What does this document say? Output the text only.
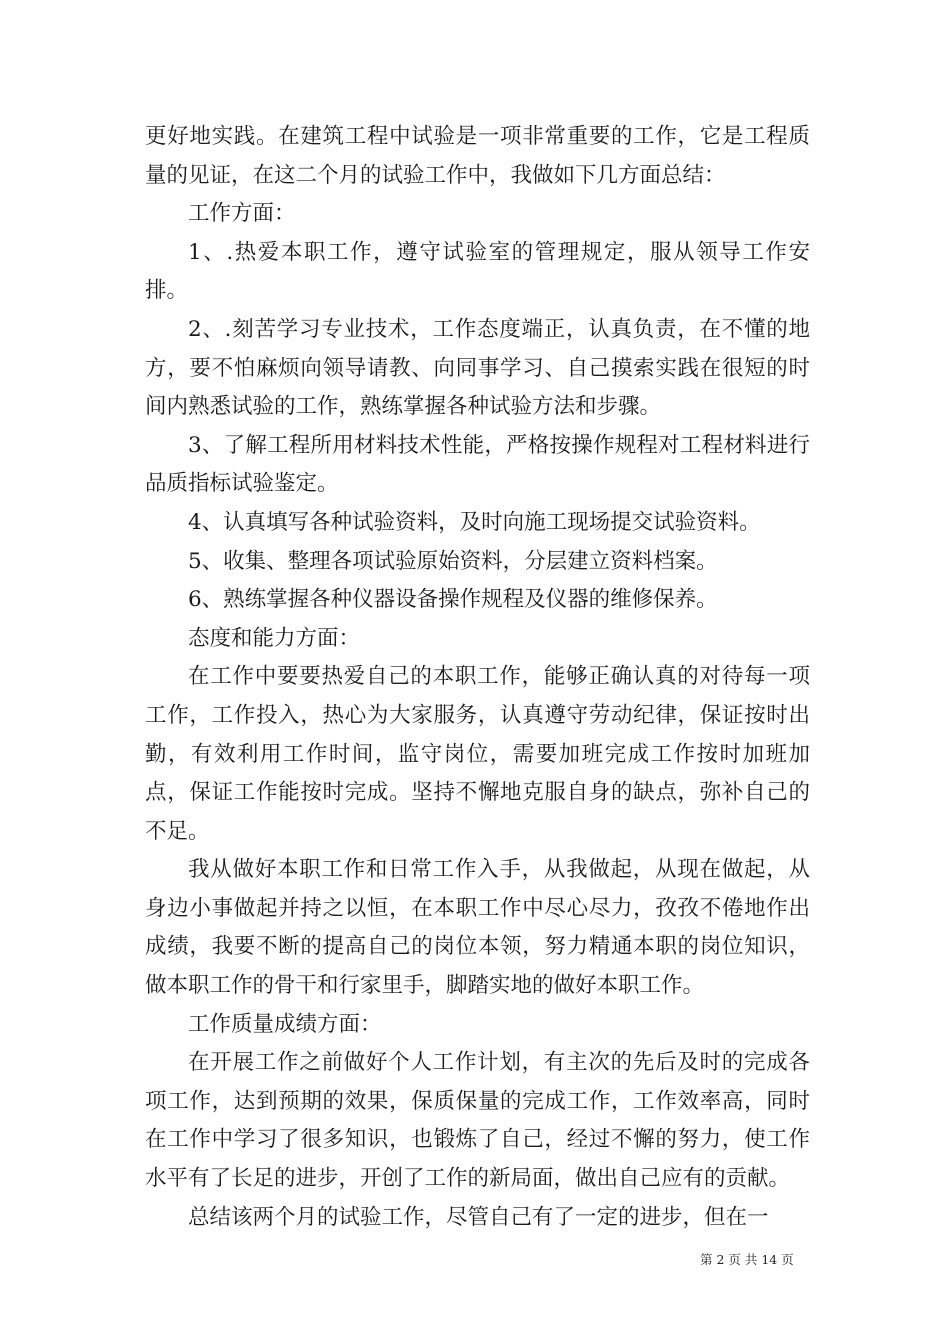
更好地实践。在建筑工程中试验是一项非常重要的工作，它是工程质量的见证，在这二个月的试验工作中，我做如下几方面总结：

工作方面：

1、.热爱本职工作，遵守试验室的管理规定，服从领导工作安排。

2、.刻苦学习专业技术，工作态度端正，认真负责，在不懂的地方，要不怕麻烦向领导请教、向同事学习、自己摸索实践在很短的时间内熟悉试验的工作，熟练掌握各种试验方法和步骤。

3、了解工程所用材料技术性能，严格按操作规程对工程材料进行品质指标试验鉴定。

4、认真填写各种试验资料，及时向施工现场提交试验资料。

5、收集、整理各项试验原始资料，分层建立资料档案。

6、熟练掌握各种仪器设备操作规程及仪器的维修保养。

态度和能力方面：

在工作中要要热爱自己的本职工作，能够正确认真的对待每一项工作，工作投入，热心为大家服务，认真遵守劳动纪律，保证按时出勤，有效利用工作时间，监守岗位，需要加班完成工作按时加班加点，保证工作能按时完成。坚持不懈地克服自身的缺点，弥补自己的不足。

我从做好本职工作和日常工作入手，从我做起，从现在做起，从身边小事做起并持之以恒，在本职工作中尽心尽力，孜孜不倦地作出成绩，我要不断的提高自己的岗位本领，努力精通本职的岗位知识，做本职工作的骨干和行家里手，脚踏实地的做好本职工作。

工作质量成绩方面：

在开展工作之前做好个人工作计划，有主次的先后及时的完成各项工作，达到预期的效果，保质保量的完成工作，工作效率高，同时在工作中学习了很多知识，也锻炼了自己，经过不懈的努力，使工作水平有了长足的进步，开创了工作的新局面，做出自己应有的贡献。

总结该两个月的试验工作，尽管自己有了一定的进步，但在一

第 2 页 共 14 页
